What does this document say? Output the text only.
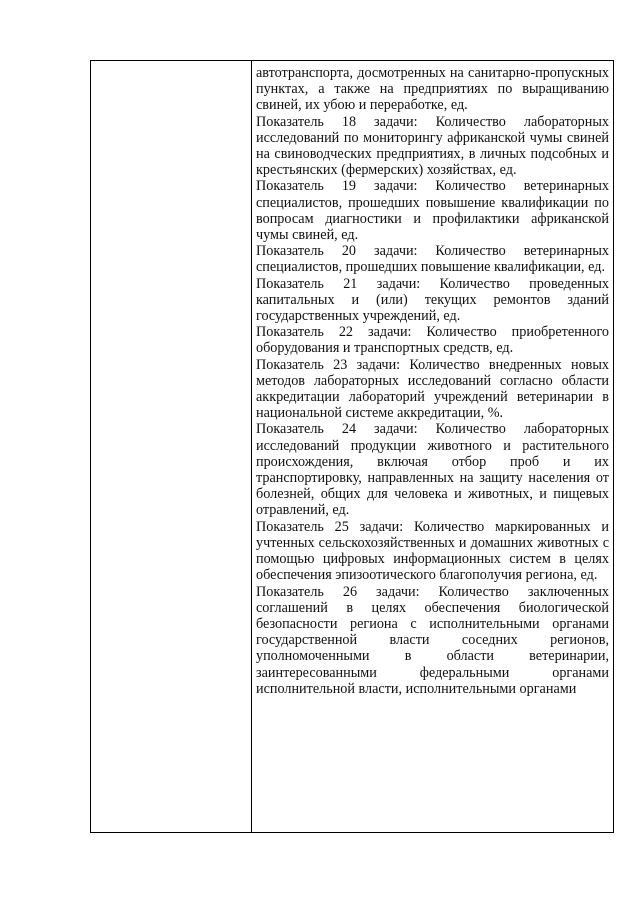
автотранспорта, досмотренных на санитарно-пропускных пунктах, а также на предприятиях по выращиванию свиней, их убою и переработке, ед.

Показатель 18 задачи: Количество лабораторных исследований по мониторингу африканской чумы свиней на свиноводческих предприятиях, в личных подсобных и крестьянских (фермерских) хозяйствах, ед.

Показатель 19 задачи: Количество ветеринарных специалистов, прошедших повышение квалификации по вопросам диагностики и профилактики африканской чумы свиней, ед.

Показатель 20 задачи: Количество ветеринарных специалистов, прошедших повышение квалификации, ед.

Показатель 21 задачи: Количество проведенных капитальных и (или) текущих ремонтов зданий государственных учреждений, ед.

Показатель 22 задачи: Количество приобретенного оборудования и транспортных средств, ед.

Показатель 23 задачи: Количество внедренных новых методов лабораторных исследований согласно области аккредитации лабораторий учреждений ветеринарии в национальной системе аккредитации, %.

Показатель 24 задачи: Количество лабораторных исследований продукции животного и растительного происхождения, включая отбор проб и их транспортировку, направленных на защиту населения от болезней, общих для человека и животных, и пищевых отравлений, ед.

Показатель 25 задачи: Количество маркированных и учтенных сельскохозяйственных и домашних животных с помощью цифровых информационных систем в целях обеспечения эпизоотического благополучия региона, ед.

Показатель 26 задачи: Количество заключенных соглашений в целях обеспечения биологической безопасности региона с исполнительными органами государственной власти соседних регионов, уполномоченными в области ветеринарии, заинтересованными федеральными органами исполнительной власти, исполнительными органами
